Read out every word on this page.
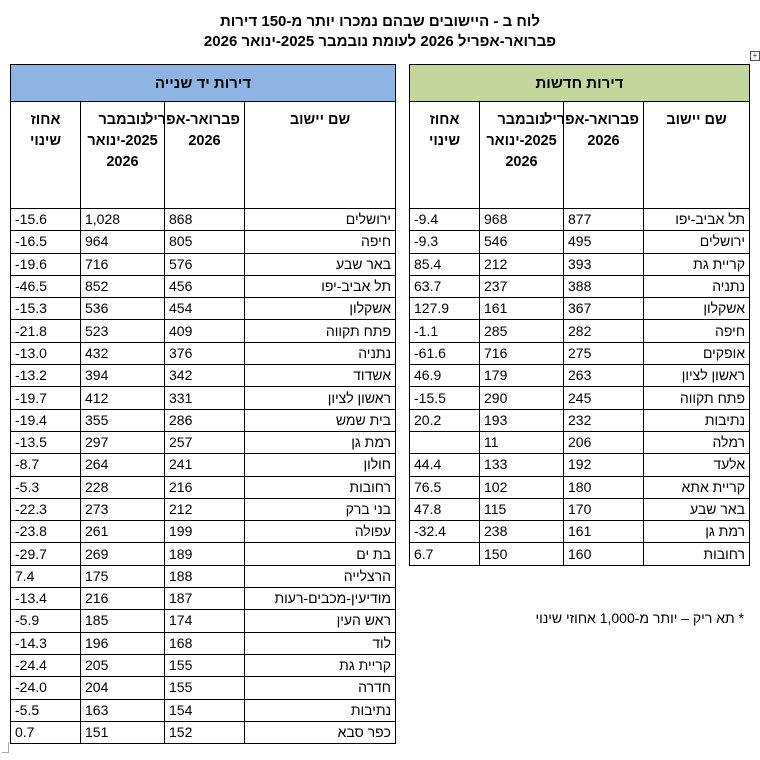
לוח ב - היישובים שבהם נמכרו יותר מ-150 דירות
פברואר-אפריל 2026 לעומת נובמבר 2025-ינואר 2026
+
דירות יד שנייה			
אחוז שינוי	נובמבר 2025-ינואר 2026	פברואר-אפריל 2026	שם יישוב
-15.6	1,028	868	ירושלים
-16.5	964	805	חיפה
-19.6	716	576	באר שבע
-46.5	852	456	תל אביב-יפו
-15.3	536	454	אשקלון
-21.8	523	409	פתח תקווה
-13.0	432	376	נתניה
-13.2	394	342	אשדוד
-19.7	412	331	ראשון לציון
-19.4	355	286	בית שמש
-13.5	297	257	רמת גן
-8.7	264	241	חולון
-5.3	228	216	רחובות
-22.3	273	212	בני ברק
-23.8	261	199	עפולה
-29.7	269	189	בת ים
7.4	175	188	הרצלייה
-13.4	216	187	מודיעין-מכבים-רעות
-5.9	185	174	ראש העין
-14.3	196	168	לוד
-24.4	205	155	קריית גת
-24.0	204	155	חדרה
-5.5	163	154	נתיבות
0.7	151	152	כפר סבא
דירות חדשות			
אחוז שינוי	נובמבר 2025-ינואר 2026	פברואר-אפריל 2026	שם יישוב
-9.4	968	877	תל אביב-יפו
-9.3	546	495	ירושלים
85.4	212	393	קריית גת
63.7	237	388	נתניה
127.9	161	367	אשקלון
-1.1	285	282	חיפה
-61.6	716	275	אופקים
46.9	179	263	ראשון לציון
-15.5	290	245	פתח תקווה
20.2	193	232	נתיבות
	11	206	רמלה
44.4	133	192	אלעד
76.5	102	180	קריית אתא
47.8	115	170	באר שבע
-32.4	238	161	רמת גן
6.7	150	160	רחובות
* תא ריק – יותר מ-1,000 אחוזי שינוי
